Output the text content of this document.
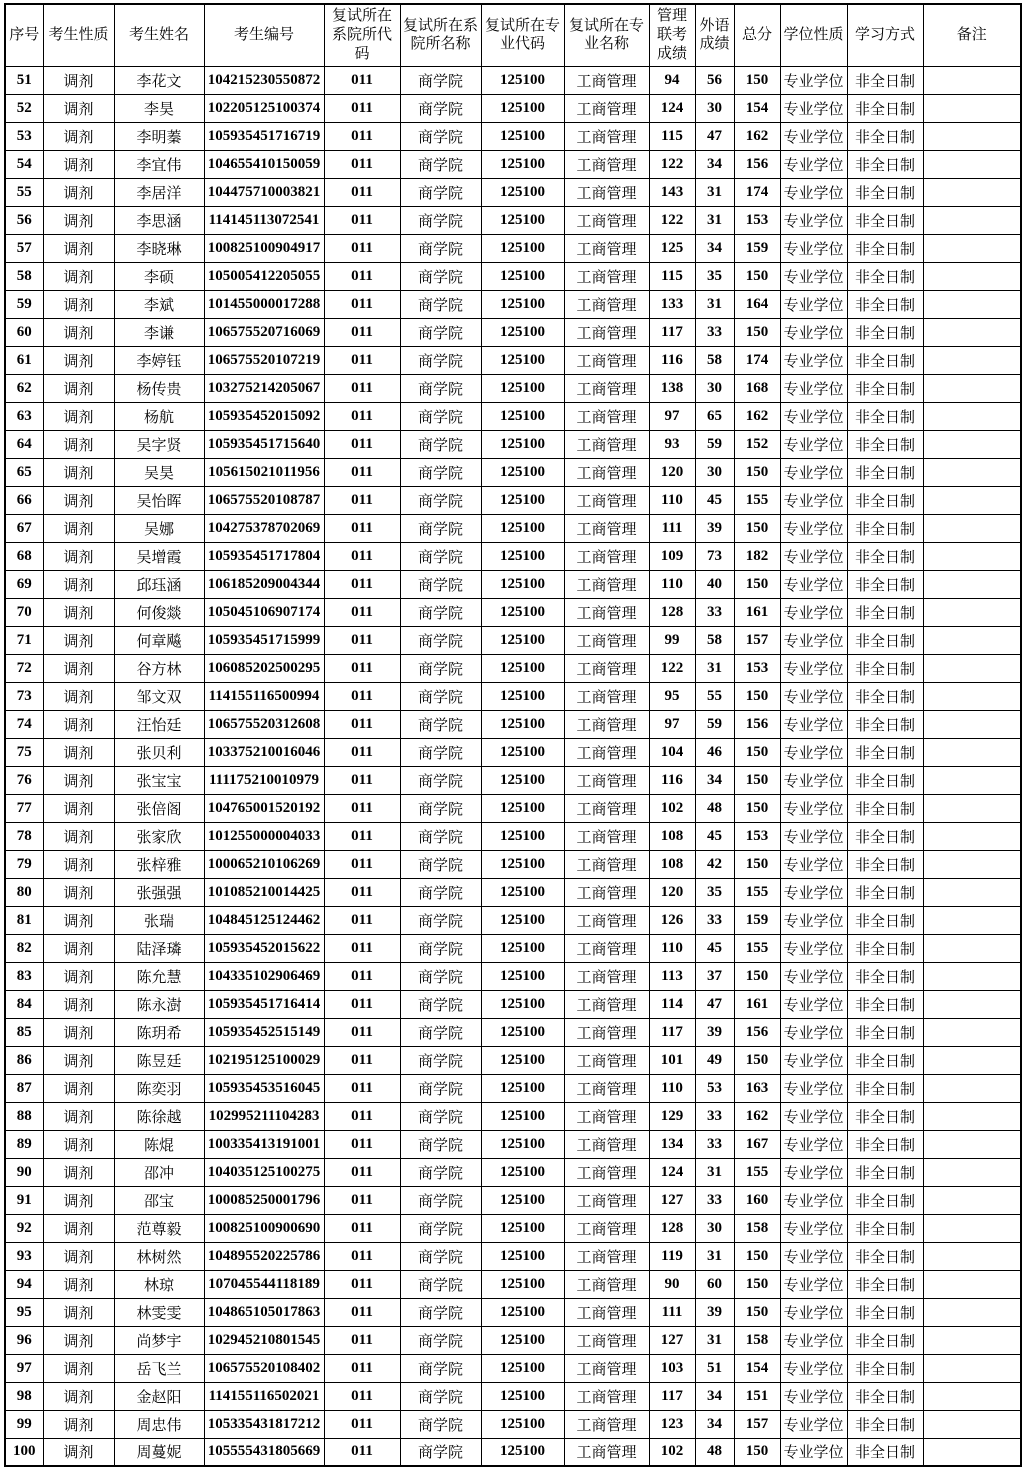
序号	考生性质	考生姓名	考生编号	复试所在系院所代码	复试所在系院所名称	复试所在专业代码	复试所在专业名称	管理联考成绩	外语成绩	总分	学位性质	学习方式	备注
51	调剂	李花文	104215230550872	011	商学院	125100	工商管理	94	56	150	专业学位	非全日制	
52	调剂	李昊	102205125100374	011	商学院	125100	工商管理	124	30	154	专业学位	非全日制	
53	调剂	李明蓁	105935451716719	011	商学院	125100	工商管理	115	47	162	专业学位	非全日制	
54	调剂	李宜伟	104655410150059	011	商学院	125100	工商管理	122	34	156	专业学位	非全日制	
55	调剂	李居洋	104475710003821	011	商学院	125100	工商管理	143	31	174	专业学位	非全日制	
56	调剂	李思涵	114145113072541	011	商学院	125100	工商管理	122	31	153	专业学位	非全日制	
57	调剂	李晓琳	100825100904917	011	商学院	125100	工商管理	125	34	159	专业学位	非全日制	
58	调剂	李硕	105005412205055	011	商学院	125100	工商管理	115	35	150	专业学位	非全日制	
59	调剂	李斌	101455000017288	011	商学院	125100	工商管理	133	31	164	专业学位	非全日制	
60	调剂	李谦	106575520716069	011	商学院	125100	工商管理	117	33	150	专业学位	非全日制	
61	调剂	李婷钰	106575520107219	011	商学院	125100	工商管理	116	58	174	专业学位	非全日制	
62	调剂	杨传贵	103275214205067	011	商学院	125100	工商管理	138	30	168	专业学位	非全日制	
63	调剂	杨航	105935452015092	011	商学院	125100	工商管理	97	65	162	专业学位	非全日制	
64	调剂	吴字贤	105935451715640	011	商学院	125100	工商管理	93	59	152	专业学位	非全日制	
65	调剂	吴昊	105615021011956	011	商学院	125100	工商管理	120	30	150	专业学位	非全日制	
66	调剂	吴怡晖	106575520108787	011	商学院	125100	工商管理	110	45	155	专业学位	非全日制	
67	调剂	吴娜	104275378702069	011	商学院	125100	工商管理	111	39	150	专业学位	非全日制	
68	调剂	吴增霞	105935451717804	011	商学院	125100	工商管理	109	73	182	专业学位	非全日制	
69	调剂	邱珏涵	106185209004344	011	商学院	125100	工商管理	110	40	150	专业学位	非全日制	
70	调剂	何俊燚	105045106907174	011	商学院	125100	工商管理	128	33	161	专业学位	非全日制	
71	调剂	何章飚	105935451715999	011	商学院	125100	工商管理	99	58	157	专业学位	非全日制	
72	调剂	谷方林	106085202500295	011	商学院	125100	工商管理	122	31	153	专业学位	非全日制	
73	调剂	邹文双	114155116500994	011	商学院	125100	工商管理	95	55	150	专业学位	非全日制	
74	调剂	汪怡廷	106575520312608	011	商学院	125100	工商管理	97	59	156	专业学位	非全日制	
75	调剂	张贝利	103375210016046	011	商学院	125100	工商管理	104	46	150	专业学位	非全日制	
76	调剂	张宝宝	111175210010979	011	商学院	125100	工商管理	116	34	150	专业学位	非全日制	
77	调剂	张倍阁	104765001520192	011	商学院	125100	工商管理	102	48	150	专业学位	非全日制	
78	调剂	张家欣	101255000004033	011	商学院	125100	工商管理	108	45	153	专业学位	非全日制	
79	调剂	张梓雅	100065210106269	011	商学院	125100	工商管理	108	42	150	专业学位	非全日制	
80	调剂	张强强	101085210014425	011	商学院	125100	工商管理	120	35	155	专业学位	非全日制	
81	调剂	张瑞	104845125124462	011	商学院	125100	工商管理	126	33	159	专业学位	非全日制	
82	调剂	陆泽璘	105935452015622	011	商学院	125100	工商管理	110	45	155	专业学位	非全日制	
83	调剂	陈允慧	104335102906469	011	商学院	125100	工商管理	113	37	150	专业学位	非全日制	
84	调剂	陈永澍	105935451716414	011	商学院	125100	工商管理	114	47	161	专业学位	非全日制	
85	调剂	陈玥希	105935452515149	011	商学院	125100	工商管理	117	39	156	专业学位	非全日制	
86	调剂	陈昱廷	102195125100029	011	商学院	125100	工商管理	101	49	150	专业学位	非全日制	
87	调剂	陈奕羽	105935453516045	011	商学院	125100	工商管理	110	53	163	专业学位	非全日制	
88	调剂	陈徐越	102995211104283	011	商学院	125100	工商管理	129	33	162	专业学位	非全日制	
89	调剂	陈焜	100335413191001	011	商学院	125100	工商管理	134	33	167	专业学位	非全日制	
90	调剂	邵冲	104035125100275	011	商学院	125100	工商管理	124	31	155	专业学位	非全日制	
91	调剂	邵宝	100085250001796	011	商学院	125100	工商管理	127	33	160	专业学位	非全日制	
92	调剂	范尊毅	100825100900690	011	商学院	125100	工商管理	128	30	158	专业学位	非全日制	
93	调剂	林树然	104895520225786	011	商学院	125100	工商管理	119	31	150	专业学位	非全日制	
94	调剂	林琼	107045544118189	011	商学院	125100	工商管理	90	60	150	专业学位	非全日制	
95	调剂	林雯雯	104865105017863	011	商学院	125100	工商管理	111	39	150	专业学位	非全日制	
96	调剂	尚梦宇	102945210801545	011	商学院	125100	工商管理	127	31	158	专业学位	非全日制	
97	调剂	岳飞兰	106575520108402	011	商学院	125100	工商管理	103	51	154	专业学位	非全日制	
98	调剂	金赵阳	114155116502021	011	商学院	125100	工商管理	117	34	151	专业学位	非全日制	
99	调剂	周忠伟	105335431817212	011	商学院	125100	工商管理	123	34	157	专业学位	非全日制	
100	调剂	周蔓妮	105555431805669	011	商学院	125100	工商管理	102	48	150	专业学位	非全日制	
